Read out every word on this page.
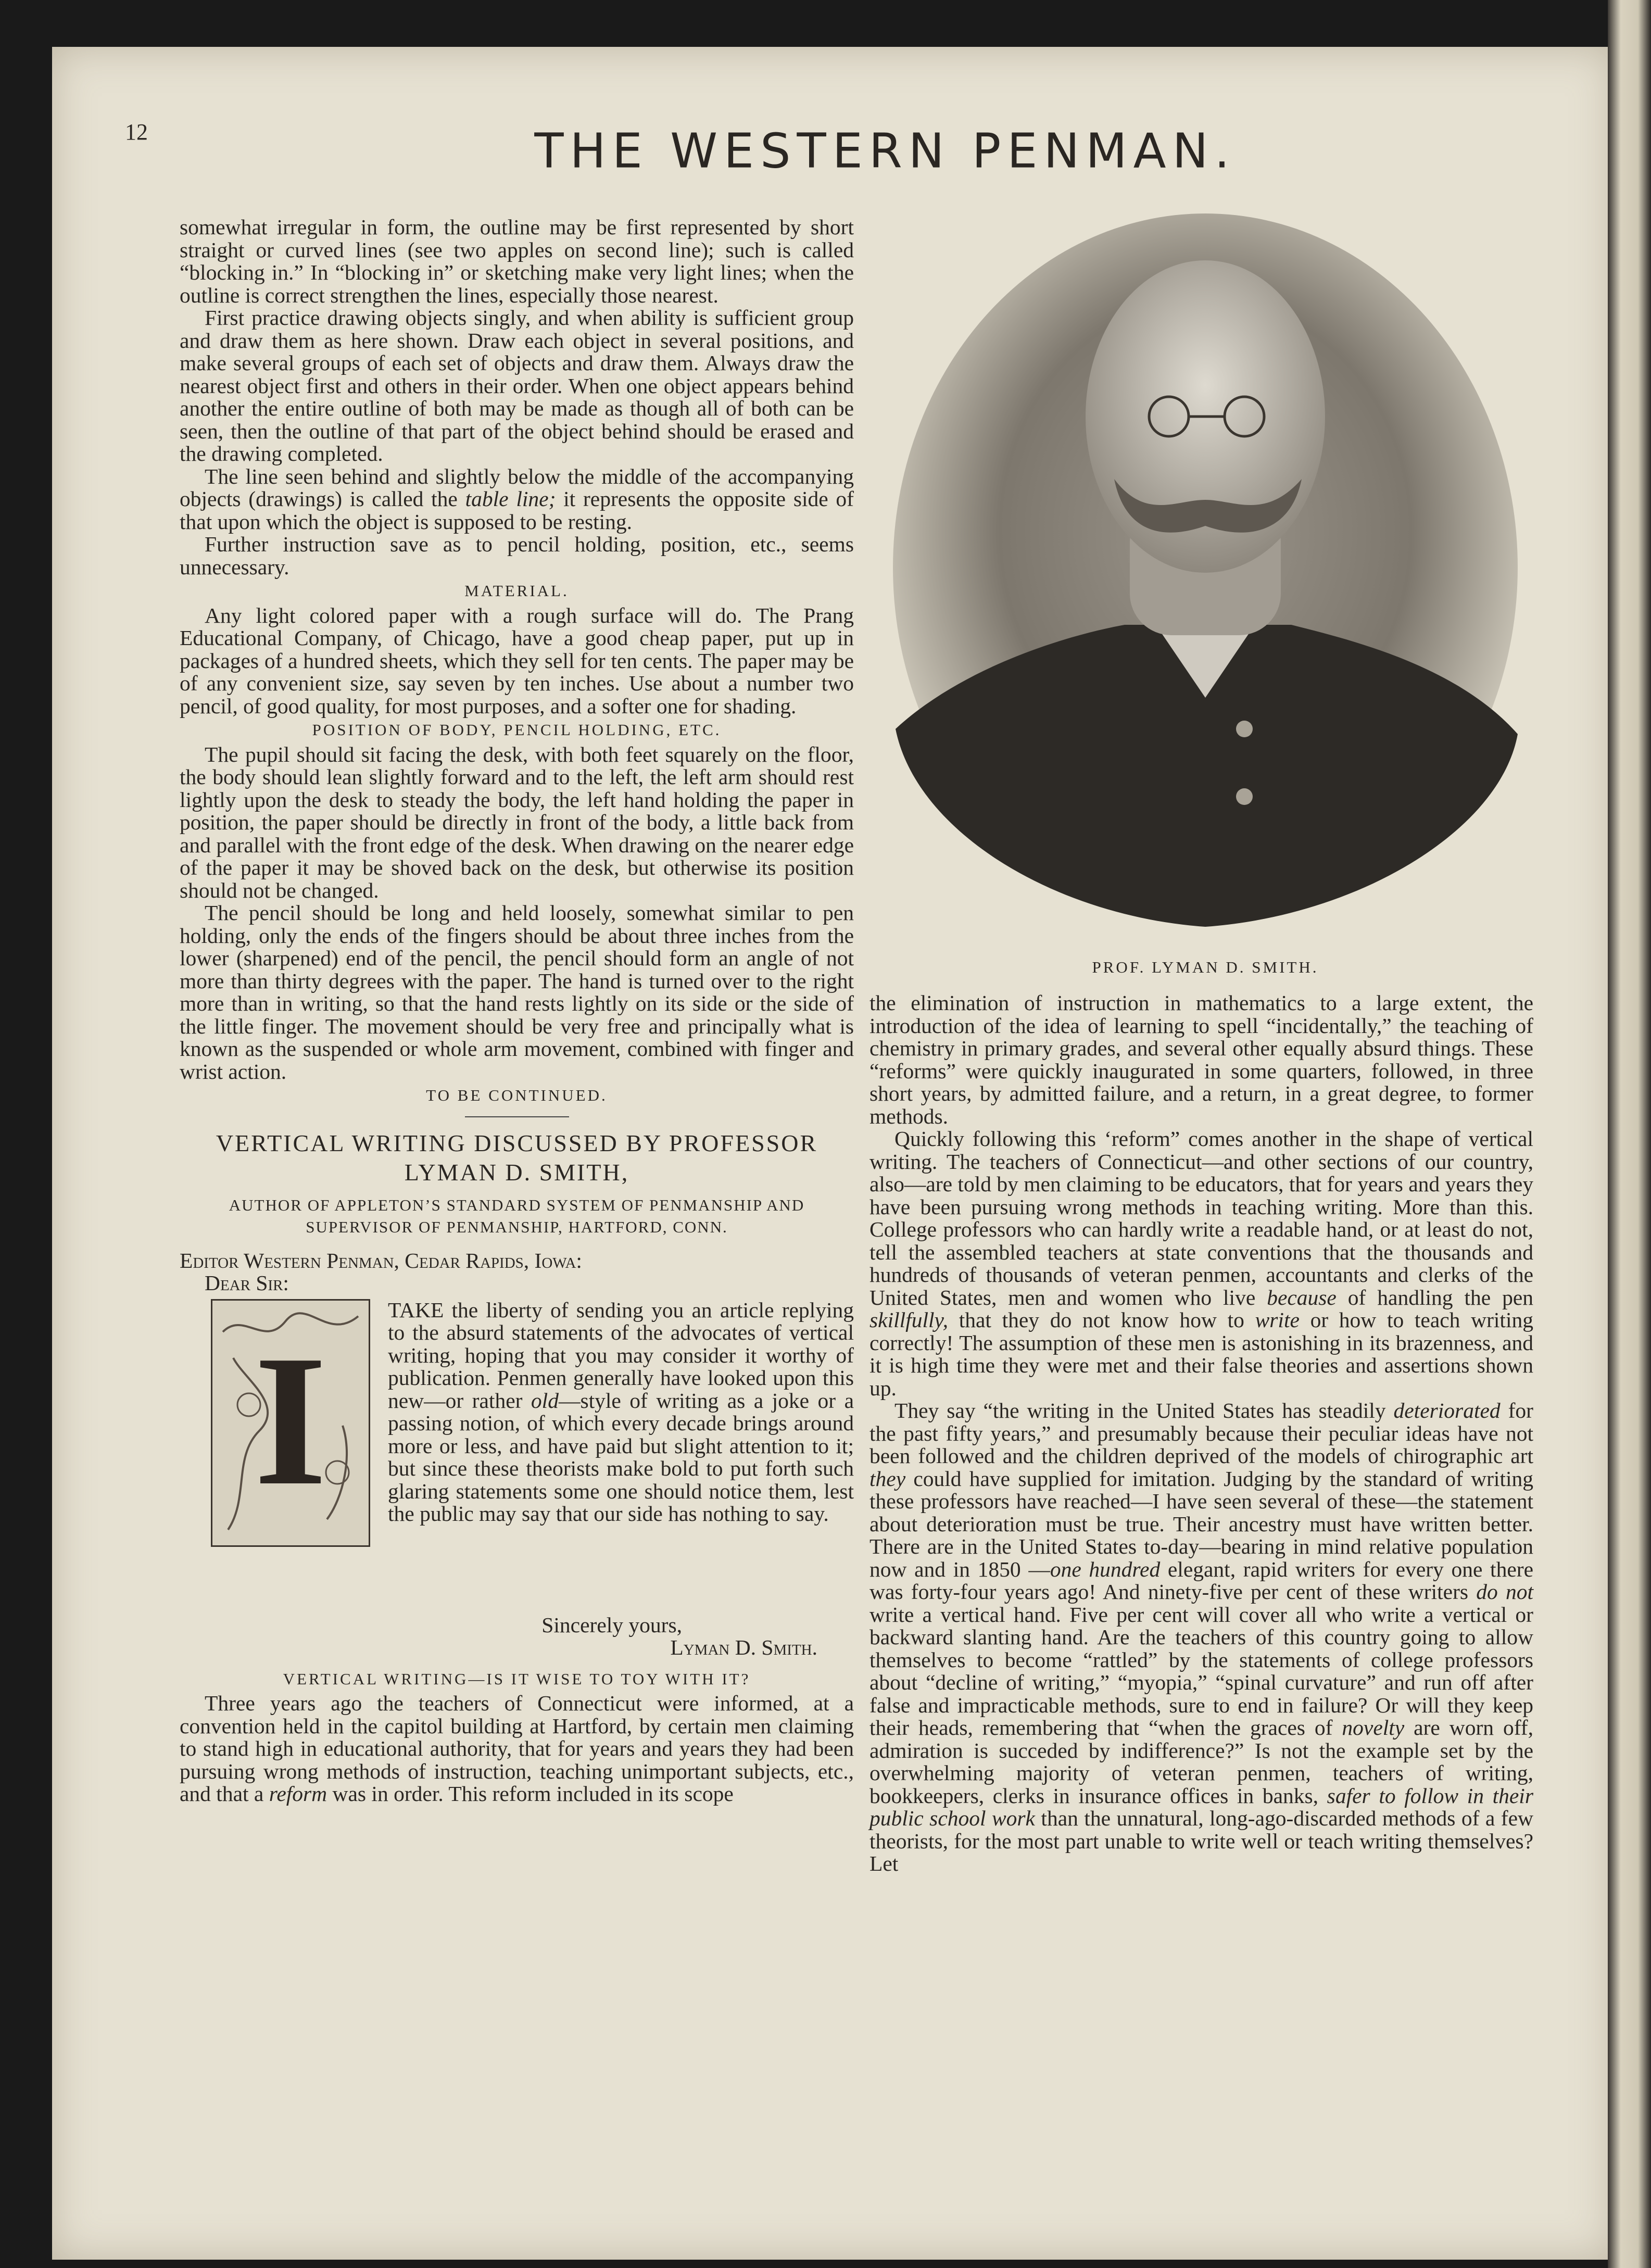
12	THE WESTERN PENMAN.

somewhat irregular in form, the outline may be first represented by short straight or curved lines (see two apples on second line); such is called “blocking in.” In “blocking in” or sketching make very light lines; when the outline is correct strengthen the lines, especially those nearest.

First practice drawing objects singly, and when ability is sufficient group and draw them as here shown. Draw each object in several positions, and make several groups of each set of objects and draw them. Always draw the nearest object first and others in their order. When one object appears behind another the entire outline of both may be made as though all of both can be seen, then the outline of that part of the object behind should be erased and the drawing completed.

The line seen behind and slightly below the middle of the accompanying objects (drawings) is called the table line; it represents the opposite side of that upon which the object is supposed to be resting.

Further instruction save as to pencil holding, position, etc., seems unnecessary.

MATERIAL.

Any light colored paper with a rough surface will do. The Prang Educational Company, of Chicago, have a good cheap paper, put up in packages of a hundred sheets, which they sell for ten cents. The paper may be of any convenient size, say seven by ten inches. Use about a number two pencil, of good quality, for most purposes, and a softer one for shading.

POSITION OF BODY, PENCIL HOLDING, ETC.

The pupil should sit facing the desk, with both feet squarely on the floor, the body should lean slightly forward and to the left, the left arm should rest lightly upon the desk to steady the body, the left hand holding the paper in position, the paper should be directly in front of the body, a little back from and parallel with the front edge of the desk. When drawing on the nearer edge of the paper it may be shoved back on the desk, but otherwise its position should not be changed.

The pencil should be long and held loosely, somewhat similar to pen holding, only the ends of the fingers should be about three inches from the lower (sharpened) end of the pencil, the pencil should form an angle of not more than thirty degrees with the paper. The hand is turned over to the right more than in writing, so that the hand rests lightly on its side or the side of the little finger. The movement should be very free and principally what is known as the suspended or whole arm movement, combined with finger and wrist action.

TO BE CONTINUED.
VERTICAL WRITING DISCUSSED BY PROFESSOR LYMAN D. SMITH,
AUTHOR OF APPLETON’S STANDARD SYSTEM OF PENMANSHIP AND SUPERVISOR OF PENMANSHIP, HARTFORD, CONN.

Editor Western Penman, Cedar Rapids, Iowa:

Dear Sir:

I
TAKE the liberty of sending you an article replying to the absurd statements of the advocates of vertical writing, hoping that you may consider it worthy of publication. Penmen generally have looked upon this new—or rather old—style of writing as a joke or a passing notion, of which every decade brings around more or less, and have paid but slight attention to it; but since these theorists make bold to put forth such glaring statements some one should notice them, lest the public may say that our side has nothing to say.

Sincerely yours,

Lyman D. Smith.

VERTICAL WRITING—IS IT WISE TO TOY WITH IT?

Three years ago the teachers of Connecticut were informed, at a convention held in the capitol building at Hartford, by certain men claiming to stand high in educational authority, that for years and years they had been pursuing wrong methods of instruction, teaching unimportant subjects, etc., and that a reform was in order. This reform included in its scope

PROF. LYMAN D. SMITH.

the elimination of instruction in mathematics to a large extent, the introduction of the idea of learning to spell “incidentally,” the teaching of chemistry in primary grades, and several other equally absurd things. These “reforms” were quickly inaugurated in some quarters, followed, in three short years, by admitted failure, and a return, in a great degree, to former methods.

Quickly following this ‘reform” comes another in the shape of vertical writing. The teachers of Connecticut—and other sections of our country, also—are told by men claiming to be educators, that for years and years they have been pursuing wrong methods in teaching writing. More than this. College professors who can hardly write a readable hand, or at least do not, tell the assembled teachers at state conventions that the thousands and hundreds of thousands of veteran penmen, accountants and clerks of the United States, men and women who live because of handling the pen skillfully, that they do not know how to write or how to teach writing correctly! The assumption of these men is astonishing in its brazenness, and it is high time they were met and their false theories and assertions shown up.

They say “the writing in the United States has steadily deteriorated for the past fifty years,” and presumably because their peculiar ideas have not been followed and the children deprived of the models of chirographic art they could have supplied for imitation. Judging by the standard of writing these professors have reached—I have seen several of these—the statement about deterioration must be true. Their ancestry must have written better. There are in the United States to-day—bearing in mind relative population now and in 1850 —one hundred elegant, rapid writers for every one there was forty-four years ago! And ninety-five per cent of these writers do not write a vertical hand. Five per cent will cover all who write a vertical or backward slanting hand. Are the teachers of this country going to allow themselves to become “rattled” by the statements of college professors about “decline of writing,” “myopia,” “spinal curvature” and run off after false and impracticable methods, sure to end in failure? Or will they keep their heads, remembering that “when the graces of novelty are worn off, admiration is succeded by indifference?” Is not the example set by the overwhelming majority of veteran penmen, teachers of writing, bookkeepers, clerks in insurance offices in banks, safer to follow in their public school work than the unnatural, long-ago-discarded methods of a few theorists, for the most part unable to write well or teach writing themselves? Let
